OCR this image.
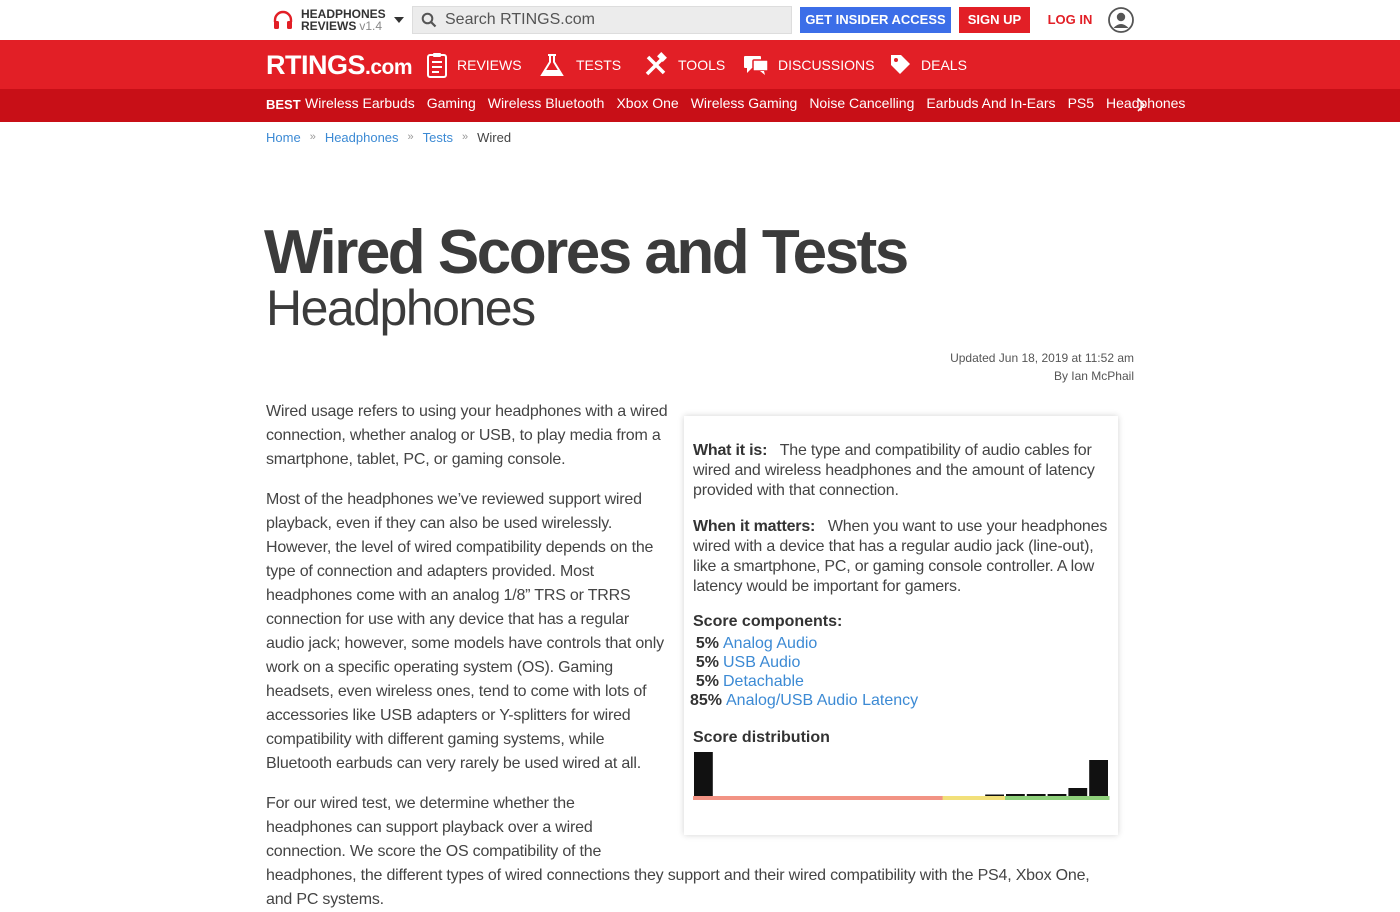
HEADPHONES
REVIEWS v1.4
Search RTINGS.com	GET INSIDER ACCESS	SIGN UP	LOG IN
RTINGS.com	REVIEWS	TESTS	TOOLS	DISCUSSIONS	DEALS
BEST Wireless Earbuds Gaming Wireless Bluetooth Xbox One Wireless Gaming Noise Cancelling Earbuds And In-Ears PS5 Headphones
Home » Headphones » Tests » Wired
Wired Scores and Tests
Headphones
Updated Jun 18, 2019 at 11:52 am
By Ian McPhail

Wired usage refers to using your headphones with a wired connection, whether analog or USB, to play media from a smartphone, tablet, PC, or gaming console.

Most of the headphones we’ve reviewed support wired playback, even if they can also be used wirelessly. However, the level of wired compatibility depends on the type of connection and adapters provided. Most headphones come with an analog 1/8” TRS or TRRS connection for use with any device that has a regular audio jack; however, some models have controls that only work on a specific operating system (OS). Gaming headsets, even wireless ones, tend to come with lots of accessories like USB adapters or Y-splitters for wired compatibility with different gaming systems, while Bluetooth earbuds can very rarely be used wired at all.

For our wired test, we determine whether the headphones can support playback over a wired connection. We score the OS compatibility of the

headphones, the different types of wired connections they support and their wired compatibility with the PS4, Xbox One,

and PC systems.

What it is: The type and compatibility of audio cables for wired and wireless headphones and the amount of latency provided with that connection.
When it matters: When you want to use your headphones wired with a device that has a regular audio jack (line-out), like a smartphone, PC, or gaming console controller. A low latency would be important for gamers.
Score components:
5% Analog Audio
5% USB Audio
5% Detachable
85% Analog/USB Audio Latency
Score distribution
